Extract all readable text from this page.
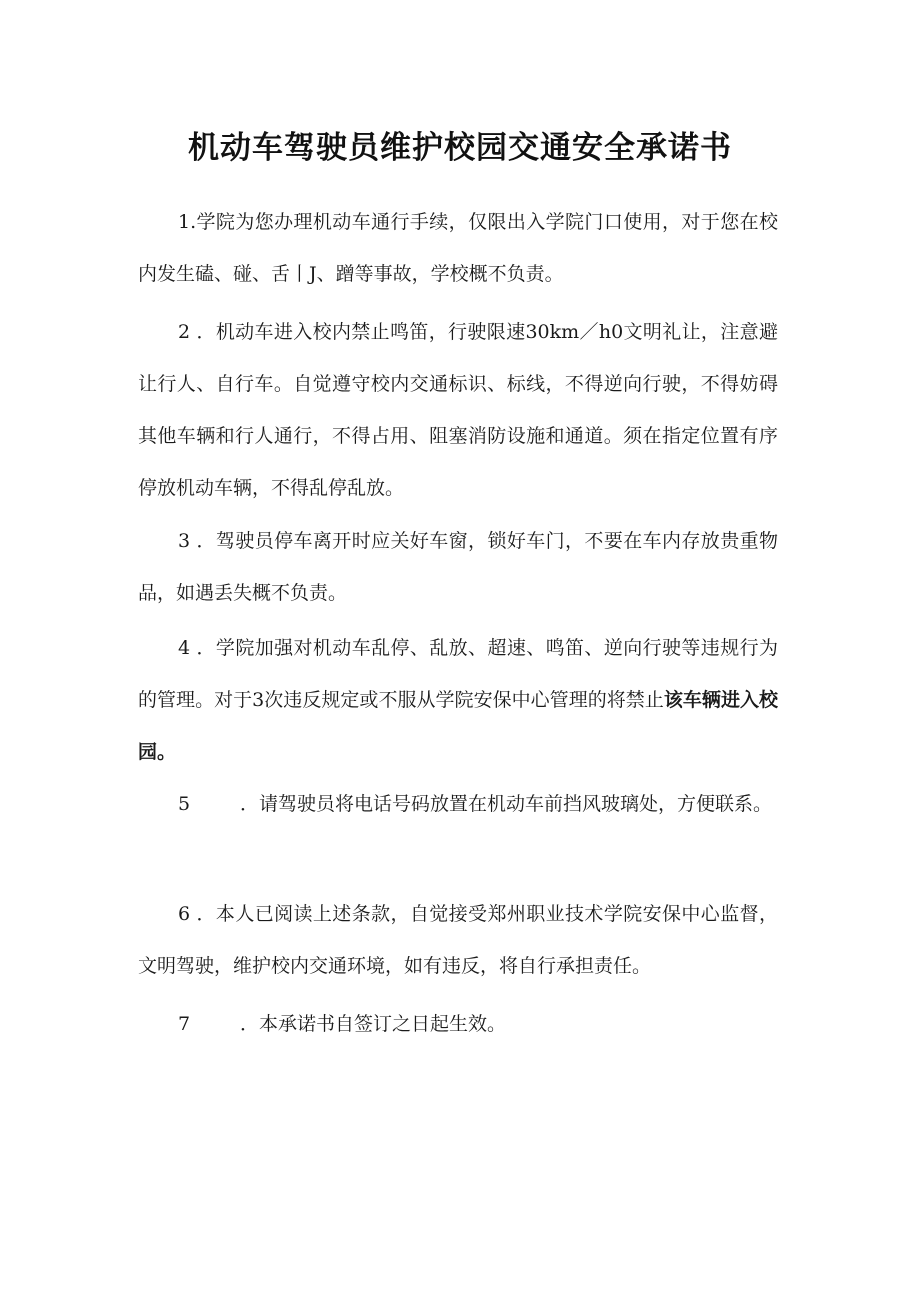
机动车驾驶员维护校园交通安全承诺书
1.学院为您办理机动车通行手续，仅限出入学院门口使用，对于您在校内发生磕、碰、舌丨J、蹭等事故，学校概不负责。
2 ．机动车进入校内禁止鸣笛，行驶限速30km／h0文明礼让，注意避让行人、自行车。自觉遵守校内交通标识、标线，不得逆向行驶，不得妨碍其他车辆和行人通行，不得占用、阻塞消防设施和通道。须在指定位置有序停放机动车辆，不得乱停乱放。
3 ．驾驶员停车离开时应关好车窗，锁好车门，不要在车内存放贵重物品，如遇丢失概不负责。
4 ．学院加强对机动车乱停、乱放、超速、鸣笛、逆向行驶等违规行为的管理。对于3次违反规定或不服从学院安保中心管理的将禁止该车辆进入校园。
5	．请驾驶员将电话号码放置在机动车前挡风玻璃处，方便联系。
6 ．本人已阅读上述条款，自觉接受郑州职业技术学院安保中心监督，文明驾驶，维护校内交通环境，如有违反，将自行承担责任。
7	．本承诺书自签订之日起生效。
